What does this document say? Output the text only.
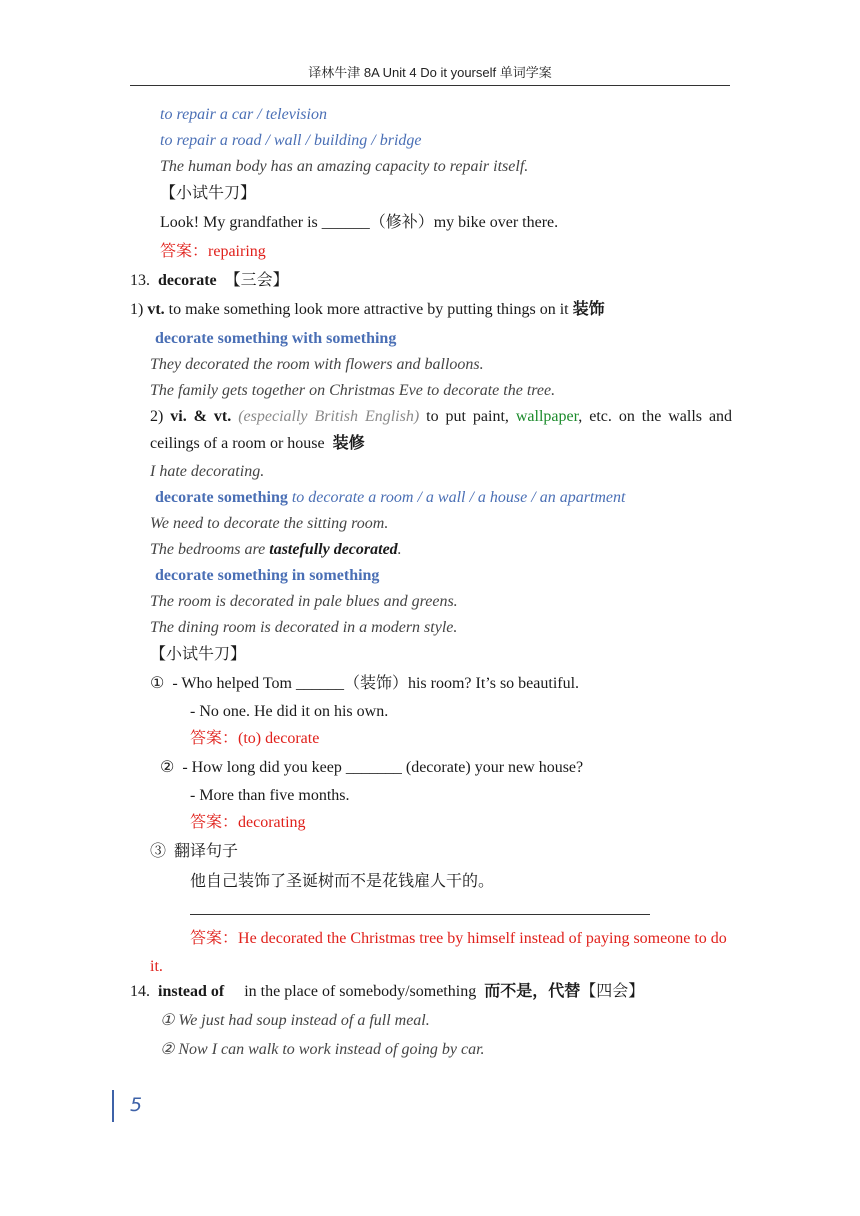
译林牛津 8A Unit 4 Do it yourself 单词学案
to repair a car / television
to repair a road / wall / building / bridge
The human body has an amazing capacity to repair itself.
【小试牛刀】
Look! My grandfather is ______（修补）my bike over there.
答案：repairing
13. decorate 【三会】
1) vt. to make something look more attractive by putting things on it 装饰
decorate something with something
They decorated the room with flowers and balloons.
The family gets together on Christmas Eve to decorate the tree.
2) vi. & vt. (especially British English) to put paint, wallpaper, etc. on the walls and ceilings of a room or house 装修
I hate decorating.
decorate something to decorate a room / a wall / a house / an apartment
We need to decorate the sitting room.
The bedrooms are tastefully decorated.
decorate something in something
The room is decorated in pale blues and greens.
The dining room is decorated in a modern style.
【小试牛刀】
① - Who helped Tom ______（装饰）his room? It’s so beautiful.
- No one. He did it on his own.
答案：(to) decorate
② - How long did you keep _______ (decorate) your new house?
- More than five months.
答案：decorating
③ 翻译句子
他自己装饰了圣诞树而不是花钱雇人干的。
答案：He decorated the Christmas tree by himself instead of paying someone to do it.
14. instead of in the place of somebody/something 而不是，代替【四会】
① We just had soup instead of a full meal.
② Now I can walk to work instead of going by car.
5
